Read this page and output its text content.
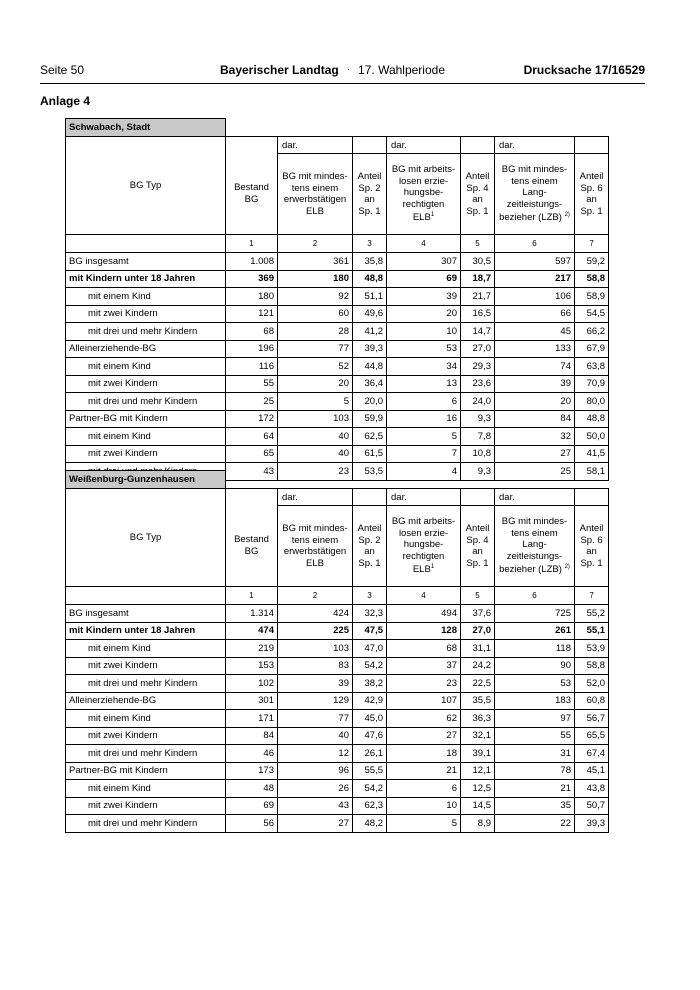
Seite 50	Bayerischer Landtag · 17. Wahlperiode	Drucksache 17/16529
Anlage 4
Schwabach, Stadt							
BG Typ		dar.		dar.		dar.	
	Bestand BG	BG mit mindes-tens einem erwerbstätigen ELB	Anteil Sp. 2 an Sp. 1	BG mit arbeits-losen erzie-hungsbe-rechtigten ELB$^1$	Anteil Sp. 4 an Sp. 1	BG mit mindes-tens einem Lang-zeitleistungs-bezieher (LZB) $^{2)}$	Anteil Sp. 6 an Sp. 1
	1	2	3	4	5	6	7
BG insgesamt	1.008	361	35,8	307	30,5	597	59,2
mit Kindern unter 18 Jahren	369	180	48,8	69	18,7	217	58,8
mit einem Kind	180	92	51,1	39	21,7	106	58,9
mit zwei Kindern	121	60	49,6	20	16,5	66	54,5
mit drei und mehr Kindern	68	28	41,2	10	14,7	45	66,2
Alleinerziehende-BG	196	77	39,3	53	27,0	133	67,9
mit einem Kind	116	52	44,8	34	29,3	74	63,8
mit zwei Kindern	55	20	36,4	13	23,6	39	70,9
mit drei und mehr Kindern	25	5	20,0	6	24,0	20	80,0
Partner-BG mit Kindern	172	103	59,9	16	9,3	84	48,8
mit einem Kind	64	40	62,5	5	7,8	32	50,0
mit zwei Kindern	65	40	61,5	7	10,8	27	41,5
	43	23	53,5	4	9,3	25	58,1
Weißenburg-Gunzenhausen							
BG Typ		dar.		dar.		dar.	
	Bestand BG	BG mit mindes-tens einem erwerbstätigen ELB	Anteil Sp. 2 an Sp. 1	BG mit arbeits-losen erzie-hungsbe-rechtigten ELB$^1$	Anteil Sp. 4 an Sp. 1	BG mit mindes-tens einem Lang-zeitleistungs-bezieher (LZB) $^{2)}$	Anteil Sp. 6 an Sp. 1
	1	2	3	4	5	6	7
BG insgesamt	1.314	424	32,3	494	37,6	725	55,2
mit Kindern unter 18 Jahren	474	225	47,5	128	27,0	261	55,1
mit einem Kind	219	103	47,0	68	31,1	118	53,9
mit zwei Kindern	153	83	54,2	37	24,2	90	58,8
mit drei und mehr Kindern	102	39	38,2	23	22,5	53	52,0
Alleinerziehende-BG	301	129	42,9	107	35,5	183	60,8
mit einem Kind	171	77	45,0	62	36,3	97	56,7
mit zwei Kindern	84	40	47,6	27	32,1	55	65,5
mit drei und mehr Kindern	46	12	26,1	18	39,1	31	67,4
Partner-BG mit Kindern	173	96	55,5	21	12,1	78	45,1
mit einem Kind	48	26	54,2	6	12,5	21	43,8
mit zwei Kindern	69	43	62,3	10	14,5	35	50,7
mit drei und mehr Kindern	56	27	48,2	5	8,9	22	39,3
